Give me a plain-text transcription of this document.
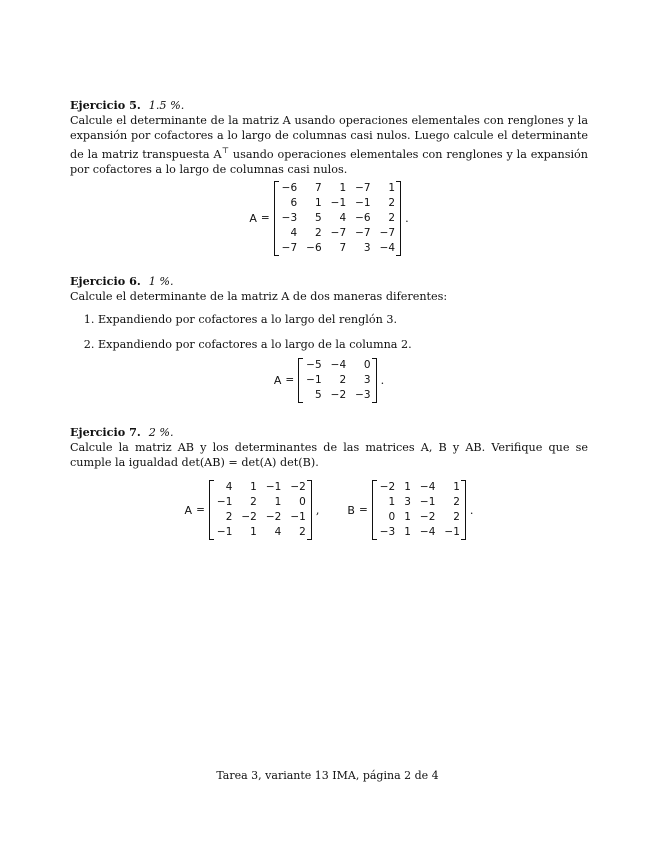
Ejercicio 5. 1.5 %.

Calcule el determinante de la matriz A usando operaciones elementales con renglones y la expansión por cofactores a lo largo de columnas casi nulos. Luego calcule el determinante de la matriz transpuesta A⊤ usando operaciones elementales con renglones y la expansión por cofactores a lo largo de columnas casi nulos.

A =
−6	7	1	−7	1
6	1	−1	−1	2
−3	5	4	−6	2
4	2	−7	−7	−7
−7	−6	7	3	−4
.
Ejercicio 6. 1 %.

Calcule el determinante de la matriz A de dos maneras diferentes:

1. Expandiendo por cofactores a lo largo del renglón 3.
2. Expandiendo por cofactores a lo largo de la columna 2.
A =
−5	−4	0
−1	2	3
5	−2	−3
.
Ejercicio 7. 2 %.

Calcule la matriz AB y los determinantes de las matrices A, B y AB. Verifique que se cumple la igualdad det(AB) = det(A) det(B).

A =
4	1	−1	−2
−1	2	1	0
2	−2	−2	−1
−1	1	4	2
,	B =
−2	1	−4	1
1	3	−1	2
0	1	−2	2
−3	1	−4	−1
.
Tarea 3, variante 13 IMA, página 2 de 4
